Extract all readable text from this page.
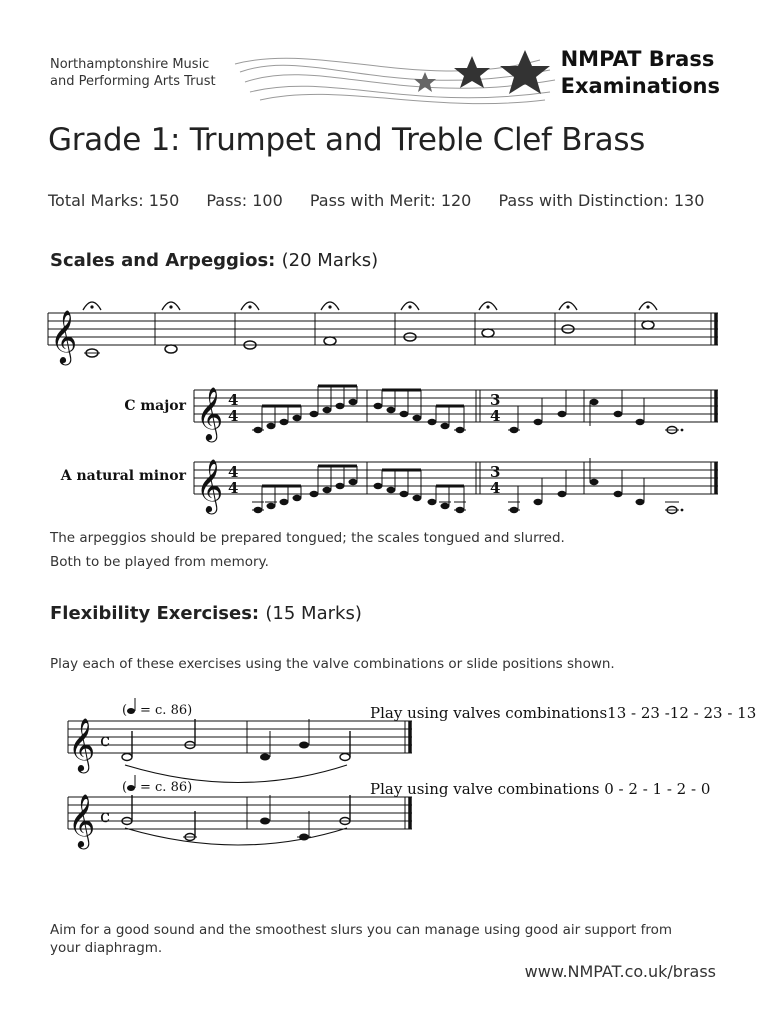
Northamptonshire Music
and Performing Arts Trust
NMPAT Brass
Examinations
Grade 1: Trumpet and Treble Clef Brass
Total Marks: 150 Pass: 100 Pass with Merit: 120 Pass with Distinction: 130
Scales and Arpeggios: (20 Marks)
𝄞
C major 𝄞 4
4
3
4
A natural minor 𝄞 4
4
3
4
The arpeggios should be prepared tongued; the scales tongued and slurred.
Both to be played from memory.
Flexibility Exercises: (15 Marks)
Play each of these exercises using the valve combinations or slide positions shown.
( = c. 86)	Play using valves combinations13 - 23 -12 - 23 - 13
𝄞 c
( = c. 86)	Play using valve combinations 0 - 2 - 1 - 2 - 0
𝄞 c
Aim for a good sound and the smoothest slurs you can manage using good air support from your diaphragm.
www.NMPAT.co.uk/brass
